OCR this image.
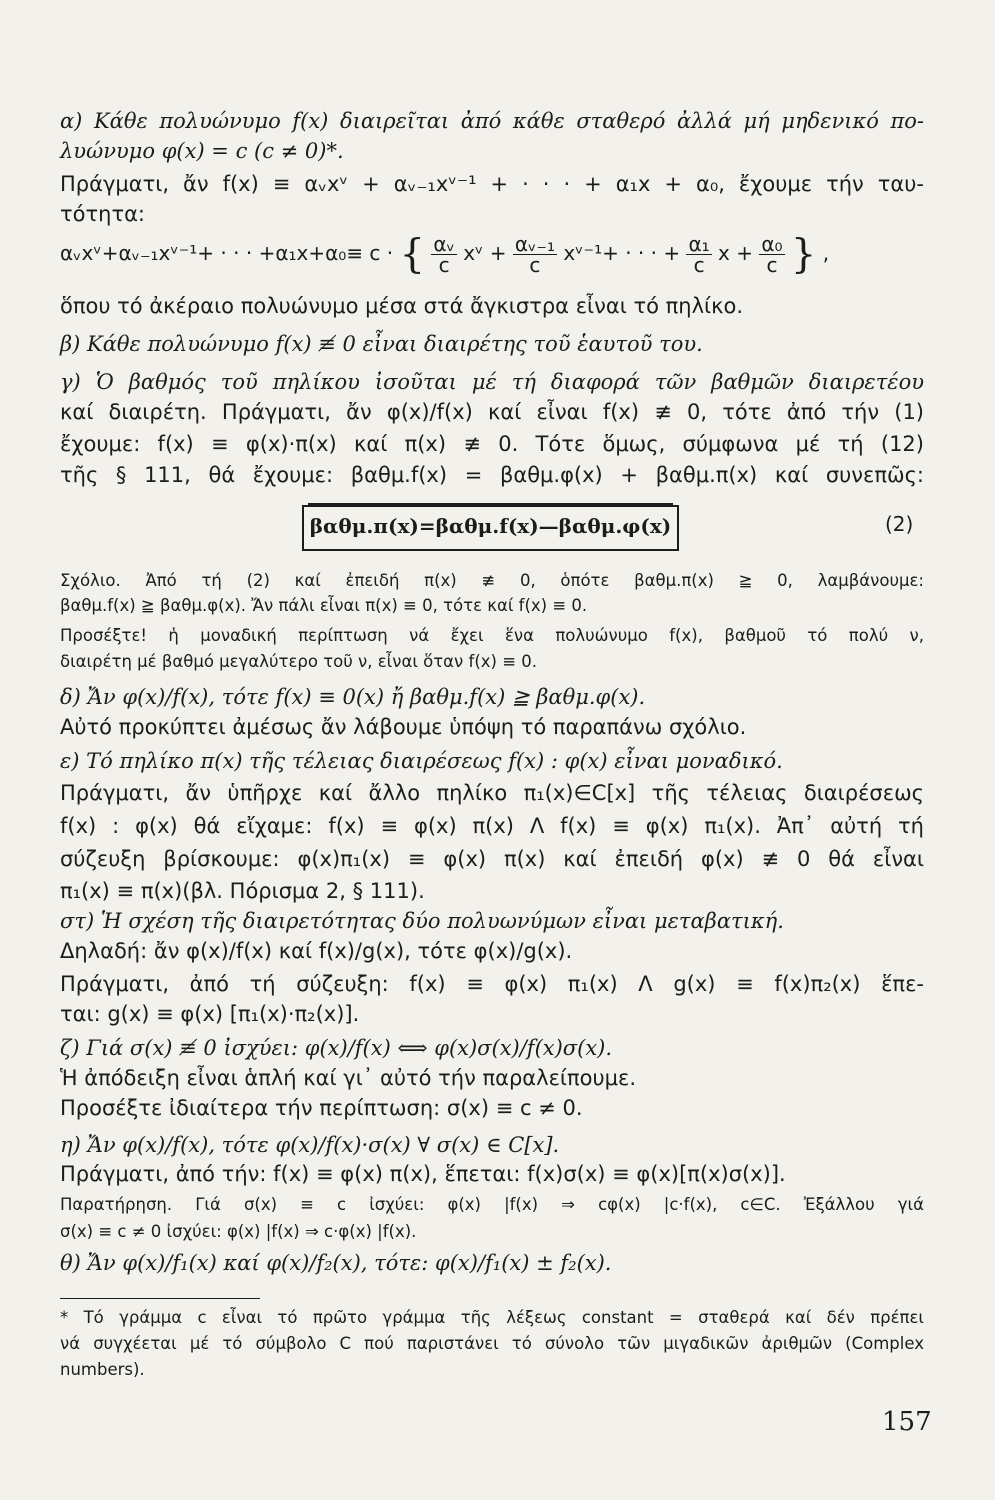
α) Κάθε πολυώνυμο f(x) διαιρεῖται ἀπό κάθε σταθερό ἀλλά μή μηδενικό πο-
λυώνυμο φ(x) = c (c ≠ 0)*.
Πράγματι, ἄν f(x) ≡ αᵥxᵛ + αᵥ₋₁xᵛ⁻¹ + · · · + α₁x + α₀, ἔχουμε τήν ταυ-
τότητα:
αᵥxᵛ+αᵥ₋₁xᵛ⁻¹+ · · · +α₁x+α₀≡ c · { $\frac{\text{αᵥ}}{c}$ xᵛ + $\frac{\text{αᵥ₋₁}}{c}$ xᵛ⁻¹+ · · · + $\frac{\text{α₁}}{c}$ $x + \frac{\text{α₀}}{c}$ } ,
ὅπου τό ἀκέραιο πολυώνυμο μέσα στά ἄγκιστρα εἶναι τό πηλίκο.
β) Κάθε πολυώνυμο f(x) ≢ 0 εἶναι διαιρέτης τοῦ ἑαυτοῦ του.
γ) Ὁ βαθμός τοῦ πηλίκου ἰσοῦται μέ τή διαφορά τῶν βαθμῶν διαιρετέου
καί διαιρέτη. Πράγματι, ἄν φ(x)/f(x) καί εἶναι f(x) ≢ 0, τότε ἀπό τήν (1)
ἔχουμε: f(x) ≡ φ(x)·π(x) καί π(x) ≢ 0. Τότε ὅμως, σύμφωνα μέ τή (12)
τῆς § 111, θά ἔχουμε: βαθμ.f(x) = βαθμ.φ(x) + βαθμ.π(x) καί συνεπῶς:
βαθμ.π(x)=βαθμ.f(x)—βαθμ.φ(x)	(2)
Σχόλιο. Ἀπό τή (2) καί ἐπειδή π(x) ≢ 0, ὁπότε βαθμ.π(x) ≧ 0, λαμβάνουμε:
βαθμ.f(x) ≧ βαθμ.φ(x). Ἄν πάλι εἶναι π(x) ≡ 0, τότε καί f(x) ≡ 0.
Προσέξτε! ἡ μοναδική περίπτωση νά ἔχει ἕνα πολυώνυμο f(x), βαθμοῦ τό πολύ ν,
διαιρέτη μέ βαθμό μεγαλύτερο τοῦ ν, εἶναι ὅταν f(x) ≡ 0.
δ) Ἄν φ(x)/f(x), τότε f(x) ≡ 0(x) ἤ βαθμ.f(x) ≧ βαθμ.φ(x).
Αὐτό προκύπτει ἀμέσως ἄν λάβουμε ὑπόψη τό παραπάνω σχόλιο.
ε) Τό πηλίκο π(x) τῆς τέλειας διαιρέσεως f(x) : φ(x) εἶναι μοναδικό.
Πράγματι, ἄν ὑπῆρχε καί ἄλλο πηλίκο π₁(x)∈C[x] τῆς τέλειας διαιρέσεως
f(x) : φ(x) θά εἴχαμε: f(x) ≡ φ(x) π(x) Λ f(x) ≡ φ(x) π₁(x). Ἀπ᾽ αὐτή τή
σύζευξη βρίσκουμε: φ(x)π₁(x) ≡ φ(x) π(x) καί ἐπειδή φ(x) ≢ 0 θά εἶναι
π₁(x) ≡ π(x)(βλ. Πόρισμα 2, § 111).
στ) Ἡ σχέση τῆς διαιρετότητας δύο πολυωνύμων εἶναι μεταβατική.
Δηλαδή: ἄν φ(x)/f(x) καί f(x)/g(x), τότε φ(x)/g(x).
Πράγματι, ἀπό τή σύζευξη: f(x) ≡ φ(x) π₁(x) Λ g(x) ≡ f(x)π₂(x) ἕπε-
ται: g(x) ≡ φ(x) [π₁(x)·π₂(x)].
ζ) Γιά σ(x) ≢ 0 ἰσχύει: φ(x)/f(x) ⟺ φ(x)σ(x)/f(x)σ(x).
Ἡ ἀπόδειξη εἶναι ἁπλή καί γι᾽ αὐτό τήν παραλείπουμε.
Προσέξτε ἰδιαίτερα τήν περίπτωση: σ(x) ≡ c ≠ 0.
η) Ἄν φ(x)/f(x), τότε φ(x)/f(x)·σ(x) ∀ σ(x) ∈ C[x].
Πράγματι, ἀπό τήν: f(x) ≡ φ(x) π(x), ἕπεται: f(x)σ(x) ≡ φ(x)[π(x)σ(x)].
Παρατήρηση. Γιά σ(x) ≡ c ἰσχύει: φ(x) |f(x) ⇒ cφ(x) |c·f(x), c∈C. Ἐξάλλου γιά
σ(x) ≡ c ≠ 0 ἰσχύει: φ(x) |f(x) ⇒ c·φ(x) |f(x).
θ) Ἄν φ(x)/f₁(x) καί φ(x)/f₂(x), τότε: φ(x)/f₁(x) ± f₂(x).
* Τό γράμμα c εἶναι τό πρῶτο γράμμα τῆς λέξεως constant = σταθερά καί δέν πρέπει
νά συγχέεται μέ τό σύμβολο C πού παριστάνει τό σύνολο τῶν μιγαδικῶν ἀριθμῶν (Complex
numbers).
157
